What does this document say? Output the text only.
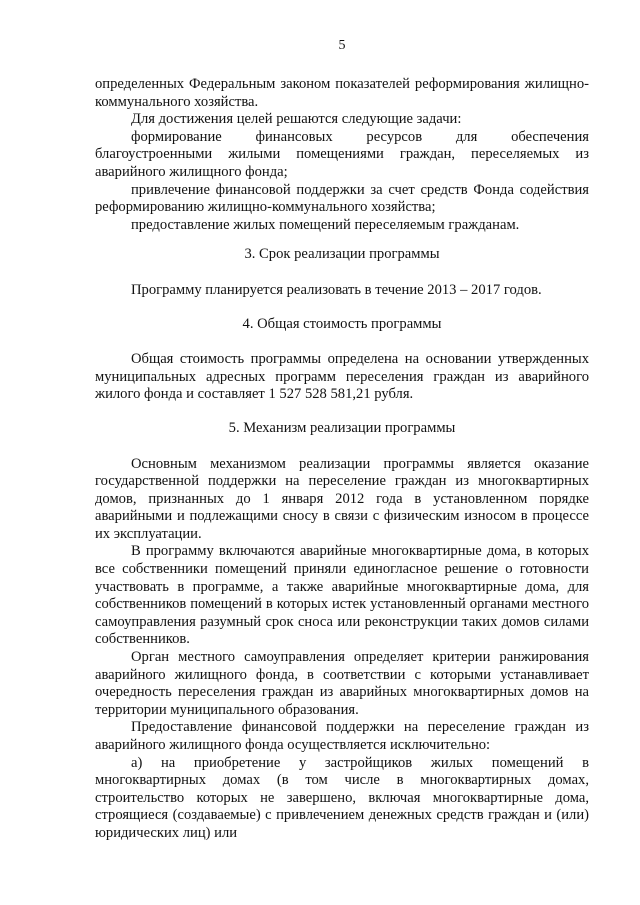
5

определенных Федеральным законом показателей реформирования жилищно-коммунального хозяйства.

Для достижения целей решаются следующие задачи:

формирование финансовых ресурсов для обеспечения благоустроенными жилыми помещениями граждан, переселяемых из аварийного жилищного фонда;

привлечение финансовой поддержки за счет средств Фонда содействия реформированию жилищно-коммунального хозяйства;

предоставление жилых помещений переселяемым гражданам.

3. Срок реализации программы

Программу планируется реализовать в течение 2013 – 2017 годов.

4. Общая стоимость программы

Общая стоимость программы определена на основании утвержденных муниципальных адресных программ переселения граждан из аварийного жилого фонда и составляет 1 527 528 581,21 рубля.

5. Механизм реализации программы

Основным механизмом реализации программы является оказание государственной поддержки на переселение граждан из многоквартирных домов, признанных до 1 января 2012 года в установленном порядке аварийными и подлежащими сносу в связи с физическим износом в процессе их эксплуатации.

В программу включаются аварийные многоквартирные дома, в которых все собственники помещений приняли единогласное решение о готовности участвовать в программе, а также аварийные многоквартирные дома, для собственников помещений в которых истек установленный органами местного самоуправления разумный срок сноса или реконструкции таких домов силами собственников.

Орган местного самоуправления определяет критерии ранжирования аварийного жилищного фонда, в соответствии с которыми устанавливает очередность переселения граждан из аварийных многоквартирных домов на территории муниципального образования.

Предоставление финансовой поддержки на переселение граждан из аварийного жилищного фонда осуществляется исключительно:

а) на приобретение у застройщиков жилых помещений в многоквартирных домах (в том числе в многоквартирных домах, строительство которых не завершено, включая многоквартирные дома, строящиеся (создаваемые) с привлечением денежных средств граждан и (или) юридических лиц) или
